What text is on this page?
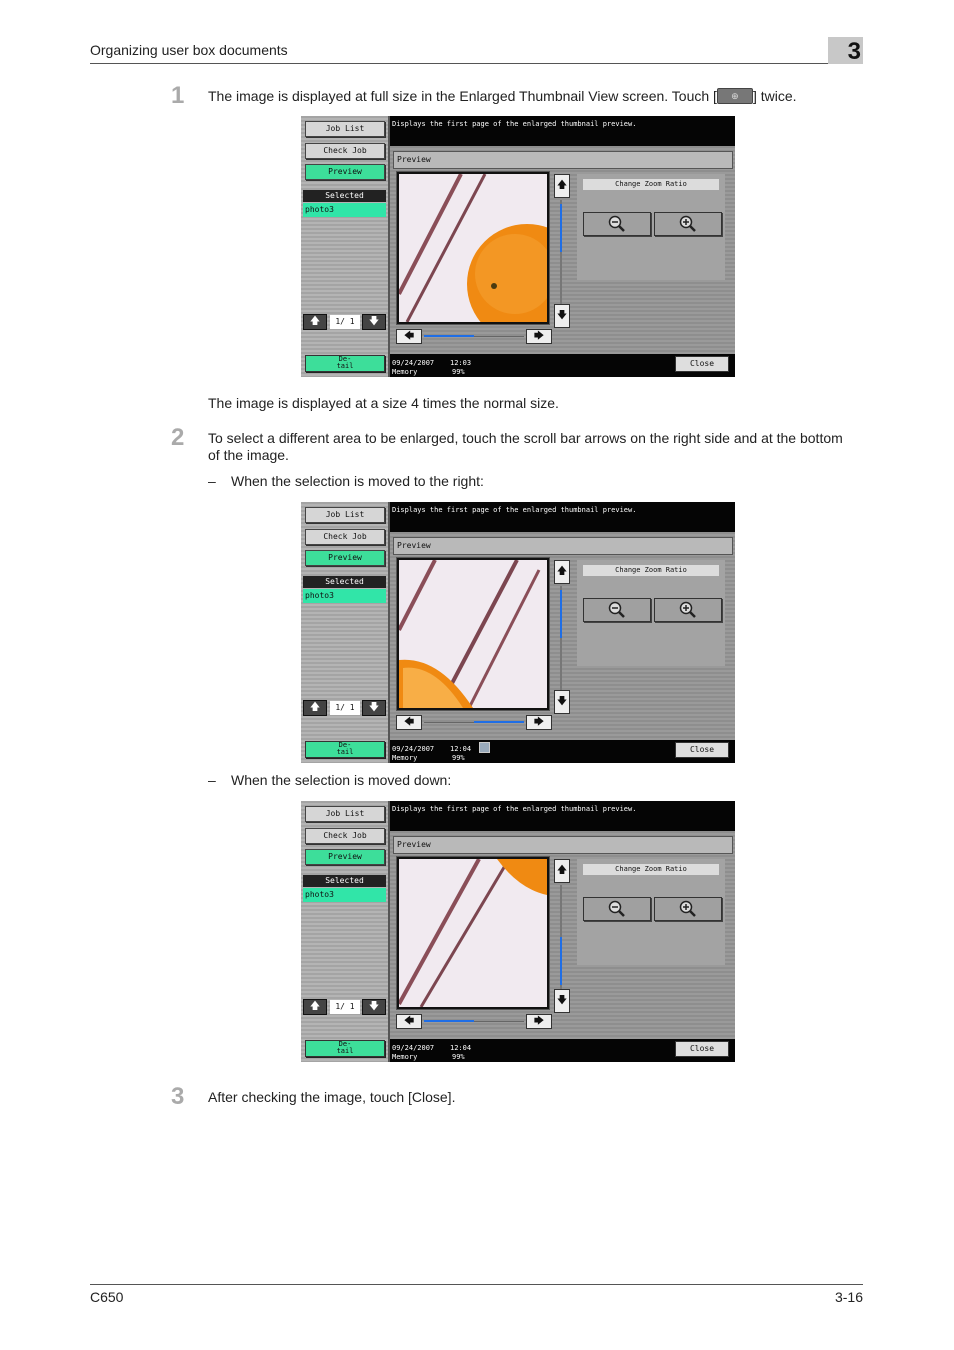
Organizing user box documents	3
1 The image is displayed at full size in the Enlarged Thumbnail View screen. Touch [ ⊕ ] twice.
Job List
Check Job
Preview
Selected
photo3
🡅	1/ 1	🡇
De-
tail
Displays the first page of the enlarged thumbnail preview.
Preview
🡅
🡇
🡄	🡆
Change Zoom Ratio
09/24/2007 12:03
Memory	99%
Close
The image is displayed at a size 4 times the normal size.
2 To select a different area to be enlarged, touch the scroll bar arrows on the right side and at the bottom
of the image.
– When the selection is moved to the right:
Job List
Check Job
Preview
Selected
photo3
🡅	1/ 1	🡇
De-
tail
Displays the first page of the enlarged thumbnail preview.
Preview
🡅
🡇
🡄	🡆
Change Zoom Ratio
09/24/2007 12:04
Memory	99%
Close
– When the selection is moved down:
Job List
Check Job
Preview
Selected
photo3
🡅	1/ 1	🡇
De-
tail
Displays the first page of the enlarged thumbnail preview.
Preview
🡅
🡇
🡄	🡆
Change Zoom Ratio
09/24/2007 12:04
Memory	99%
Close
3 After checking the image, touch [Close].
C650	3-16
